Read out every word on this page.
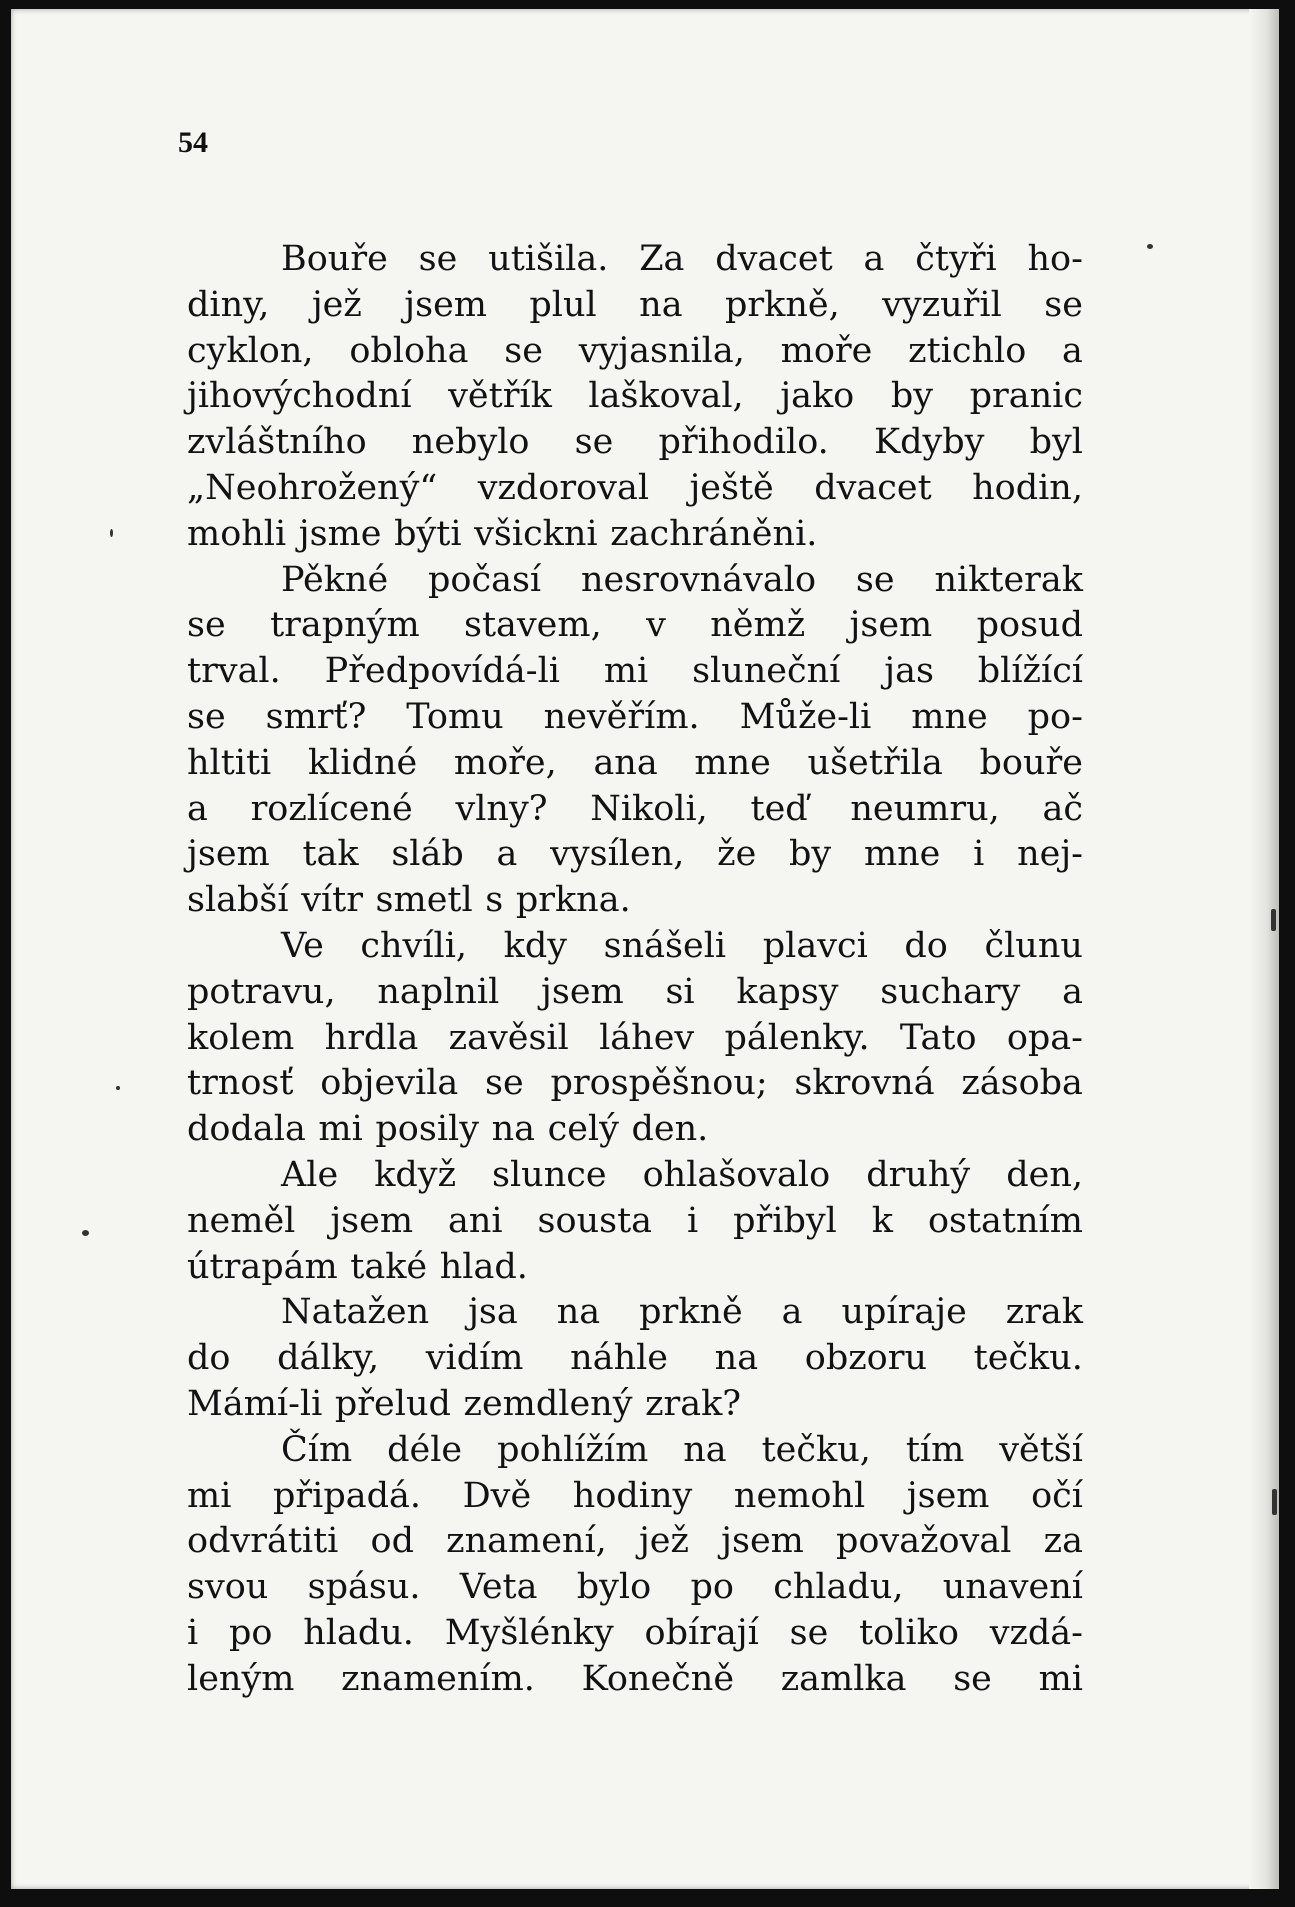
54
Bouře se utišila. Za dvacet a čtyři ho-
diny, jež jsem plul na prkně, vyzuřil se
cyklon, obloha se vyjasnila, moře ztichlo a
jihovýchodní větřík laškoval, jako by pranic
zvláštního nebylo se přihodilo. Kdyby byl
„Neohrožený“ vzdoroval ještě dvacet hodin,
mohli jsme býti všickni zachráněni.
Pěkné počasí nesrovnávalo se nikterak
se trapným stavem, v němž jsem posud
trval. Předpovídá-li mi sluneční jas blížící
se smrť? Tomu nevěřím. Může-li mne po-
hltiti klidné moře, ana mne ušetřila bouře
a rozlícené vlny? Nikoli, teď neumru, ač
jsem tak sláb a vysílen, že by mne i nej-
slabší vítr smetl s prkna.
Ve chvíli, kdy snášeli plavci do člunu
potravu, naplnil jsem si kapsy suchary a
kolem hrdla zavěsil láhev pálenky. Tato opa-
trnosť objevila se prospěšnou; skrovná zásoba
dodala mi posily na celý den.
Ale když slunce ohlašovalo druhý den,
neměl jsem ani sousta i přibyl k ostatním
útrapám také hlad.
Natažen jsa na prkně a upíraje zrak
do dálky, vidím náhle na obzoru tečku.
Mámí-li přelud zemdlený zrak?
Čím déle pohlížím na tečku, tím větší
mi připadá. Dvě hodiny nemohl jsem očí
odvrátiti od znamení, jež jsem považoval za
svou spásu. Veta bylo po chladu, unavení
i po hladu. Myšlénky obírají se toliko vzdá-
leným znamením. Konečně zamlka se mi
